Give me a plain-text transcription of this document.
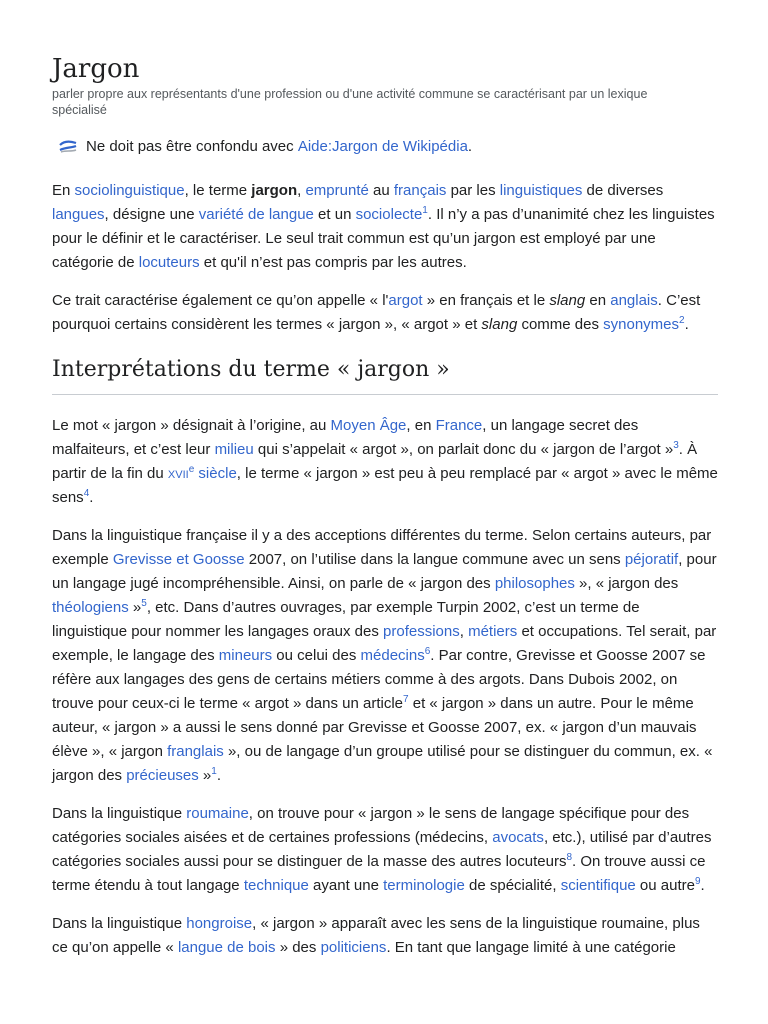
Jargon
parler propre aux représentants d'une profession ou d'une activité commune se caractérisant par un lexique spécialisé
Ne doit pas être confondu avec
Aide:Jargon de Wikipédia .

En sociolinguistique, le terme jargon, emprunté au français par les linguistiques de diverses langues, désigne une variété de langue et un sociolecte$^1$. Il n’y a pas d’unanimité chez les linguistes pour le définir et le caractériser. Le seul trait commun est qu’un jargon est employé par une catégorie de locuteurs et qu'il n’est pas compris par les autres.

Ce trait caractérise également ce qu’on appelle « l'argot » en français et le slang en anglais. C’est pourquoi certains considèrent les termes « jargon », « argot » et slang comme des synonymes$^2$.

Interprétations du terme « jargon »

Le mot « jargon » désignait à l’origine, au Moyen Âge, en France, un langage secret des malfaiteurs, et c’est leur milieu qui s’appelait « argot », on parlait donc du « jargon de l’argot »$^3$. À partir de la fin du xvii$^e$ siècle, le terme « jargon » est peu à peu remplacé par « argot » avec le même sens$^4$.

Dans la linguistique française il y a des acceptions différentes du terme. Selon certains auteurs, par exemple Grevisse et Goosse 2007, on l’utilise dans la langue commune avec un sens péjoratif, pour un langage jugé incompréhensible. Ainsi, on parle de « jargon des philosophes », « jargon des théologiens »$^5$, etc. Dans d’autres ouvrages, par exemple Turpin 2002, c’est un terme de linguistique pour nommer les langages oraux des professions, métiers et occupations. Tel serait, par exemple, le langage des mineurs ou celui des médecins$^6$. Par contre, Grevisse et Goosse 2007 se réfère aux langages des gens de certains métiers comme à des argots. Dans Dubois 2002, on trouve pour ceux-ci le terme « argot » dans un article$^7$ et « jargon » dans un autre. Pour le même auteur, « jargon » a aussi le sens donné par Grevisse et Goosse 2007, ex. « jargon d’un mauvais élève », « jargon franglais », ou de langage d’un groupe utilisé pour se distinguer du commun, ex. « jargon des précieuses »$^1$.

Dans la linguistique roumaine, on trouve pour « jargon » le sens de langage spécifique pour des catégories sociales aisées et de certaines professions (médecins, avocats, etc.), utilisé par d’autres catégories sociales aussi pour se distinguer de la masse des autres locuteurs$^8$. On trouve aussi ce terme étendu à tout langage technique ayant une terminologie de spécialité, scientifique ou autre$^9$.

Dans la linguistique hongroise, « jargon » apparaît avec les sens de la linguistique roumaine, plus ce qu’on appelle « langue de bois » des politiciens. En tant que langage limité à une catégorie
